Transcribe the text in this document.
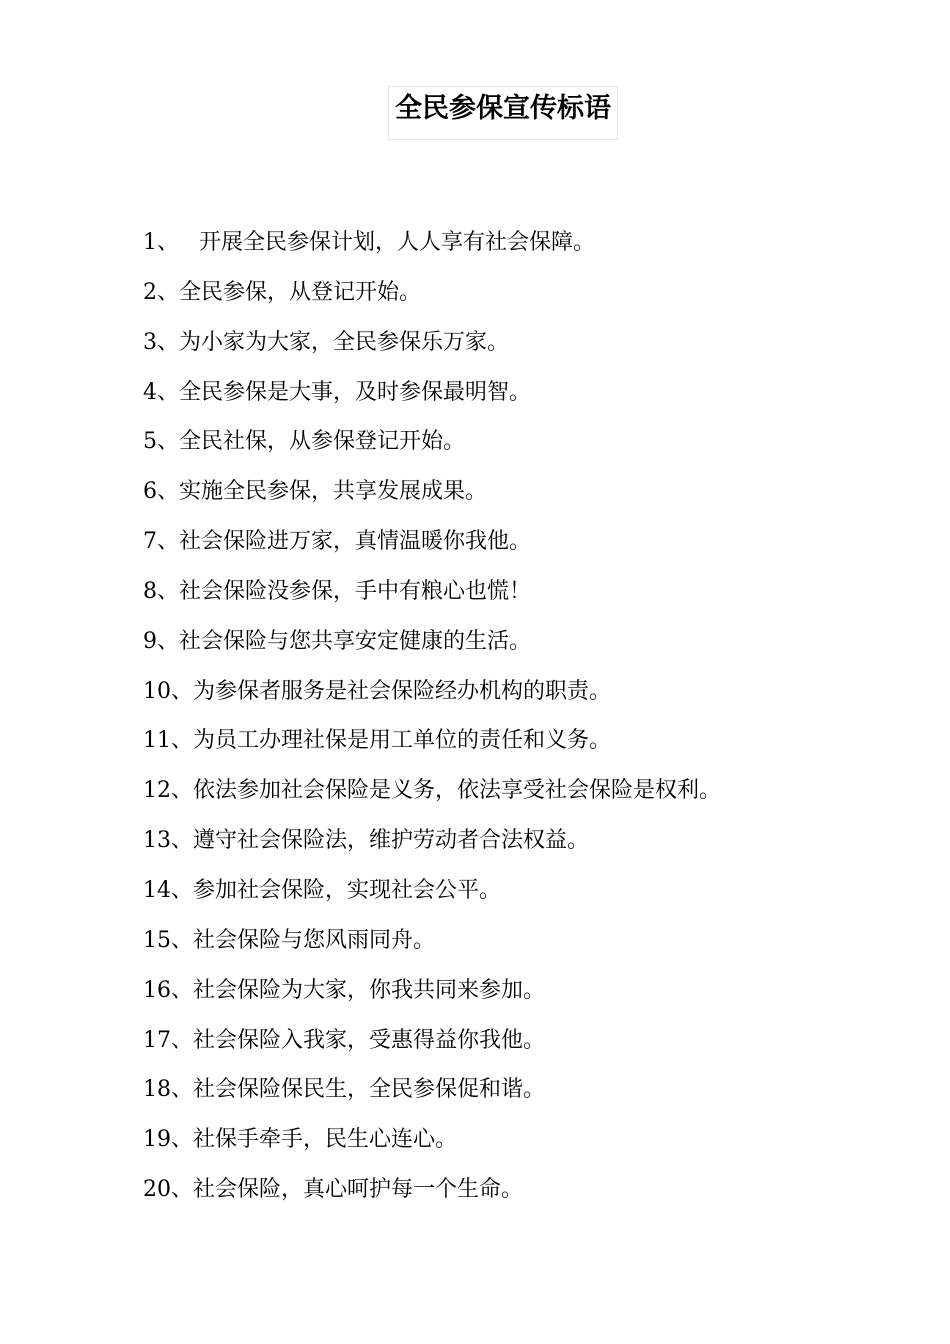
全民参保宣传标语
1、 开展全民参保计划，人人享有社会保障。
2、全民参保，从登记开始。
3、为小家为大家，全民参保乐万家。
4、全民参保是大事，及时参保最明智。
5、全民社保，从参保登记开始。
6、实施全民参保，共享发展成果。
7、社会保险进万家，真情温暖你我他。
8、社会保险没参保，手中有粮心也慌！
9、社会保险与您共享安定健康的生活。
10、为参保者服务是社会保险经办机构的职责。
11、为员工办理社保是用工单位的责任和义务。
12、依法参加社会保险是义务，依法享受社会保险是权利。
13、遵守社会保险法，维护劳动者合法权益。
14、参加社会保险，实现社会公平。
15、社会保险与您风雨同舟。
16、社会保险为大家，你我共同来参加。
17、社会保险入我家，受惠得益你我他。
18、社会保险保民生，全民参保促和谐。
19、社保手牵手，民生心连心。
20、社会保险，真心呵护每一个生命。
